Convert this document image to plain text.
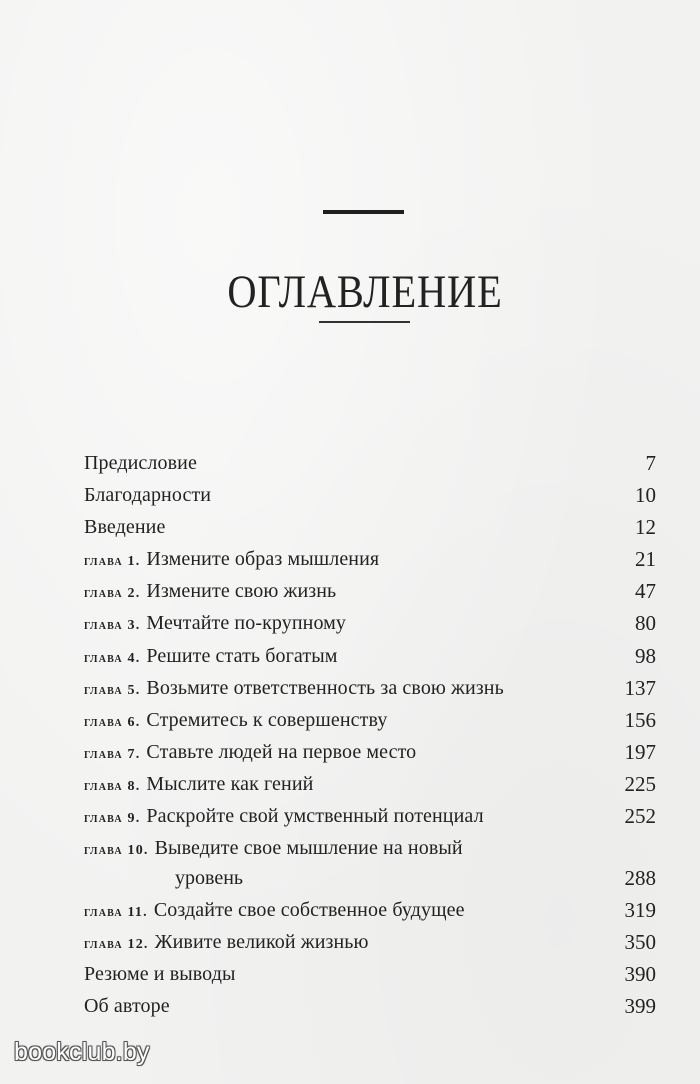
ОГЛАВЛЕНИЕ
Предисловие	7
Благодарности	10
Введение	12
глава 1. Измените образ мышления	21
глава 2. Измените свою жизнь	47
глава 3. Мечтайте по-крупному	80
глава 4. Решите стать богатым	98
глава 5. Возьмите ответственность за свою жизнь	137
глава 6. Стремитесь к совершенству	156
глава 7. Ставьте людей на первое место	197
глава 8. Мыслите как гений	225
глава 9. Раскройте свой умственный потенциал	252
глава 10. Выведите свое мышление на новый
уровень	288
глава 11. Создайте свое собственное будущее	319
глава 12. Живите великой жизнью	350
Резюме и выводы	390
Об авторе	399
bookclub.by
